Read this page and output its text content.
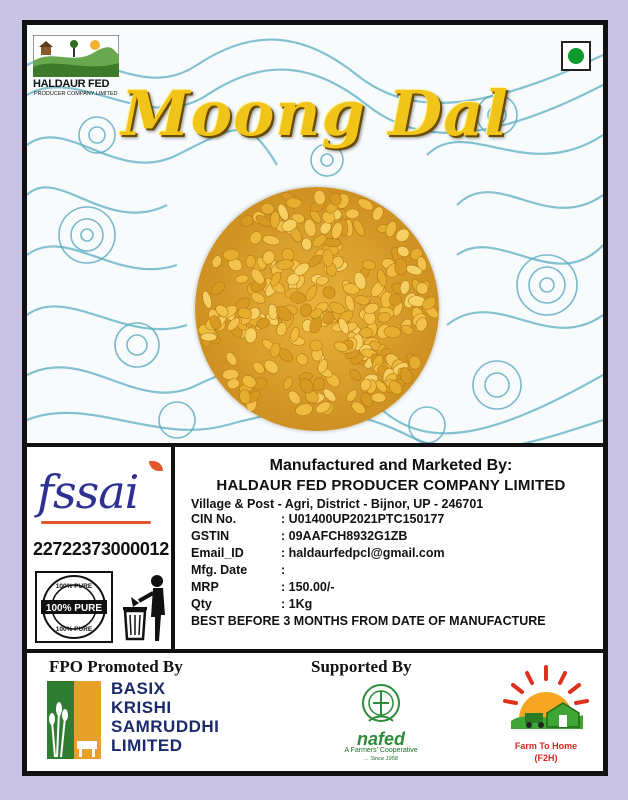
HALDAUR FED
PRODUCER COMPANY LIMITED Moong Dal
fssai
22722373000012
100% PURE
100% PURE
100% PURE
Manufactured and Marketed By:
HALDAUR FED PRODUCER COMPANY LIMITED
Village & Post - Agri, District - Bijnor, UP - 246701
CIN No.	: U01400UP2021PTC150177
GSTIN	: 09AAFCH8932G1ZB
Email_ID	: haldaurfedpcl@gmail.com
Mfg. Date	:
MRP	: 150.00/-
Qty	: 1Kg
BEST BEFORE 3 MONTHS FROM DATE OF MANUFACTURE
FPO Promoted By
BASIX
KRISHI
SAMRUDDHI
LIMITED
Supported By
nafed
A Farmers' Cooperative
... Since 1958
Farm To Home
(F2H)
